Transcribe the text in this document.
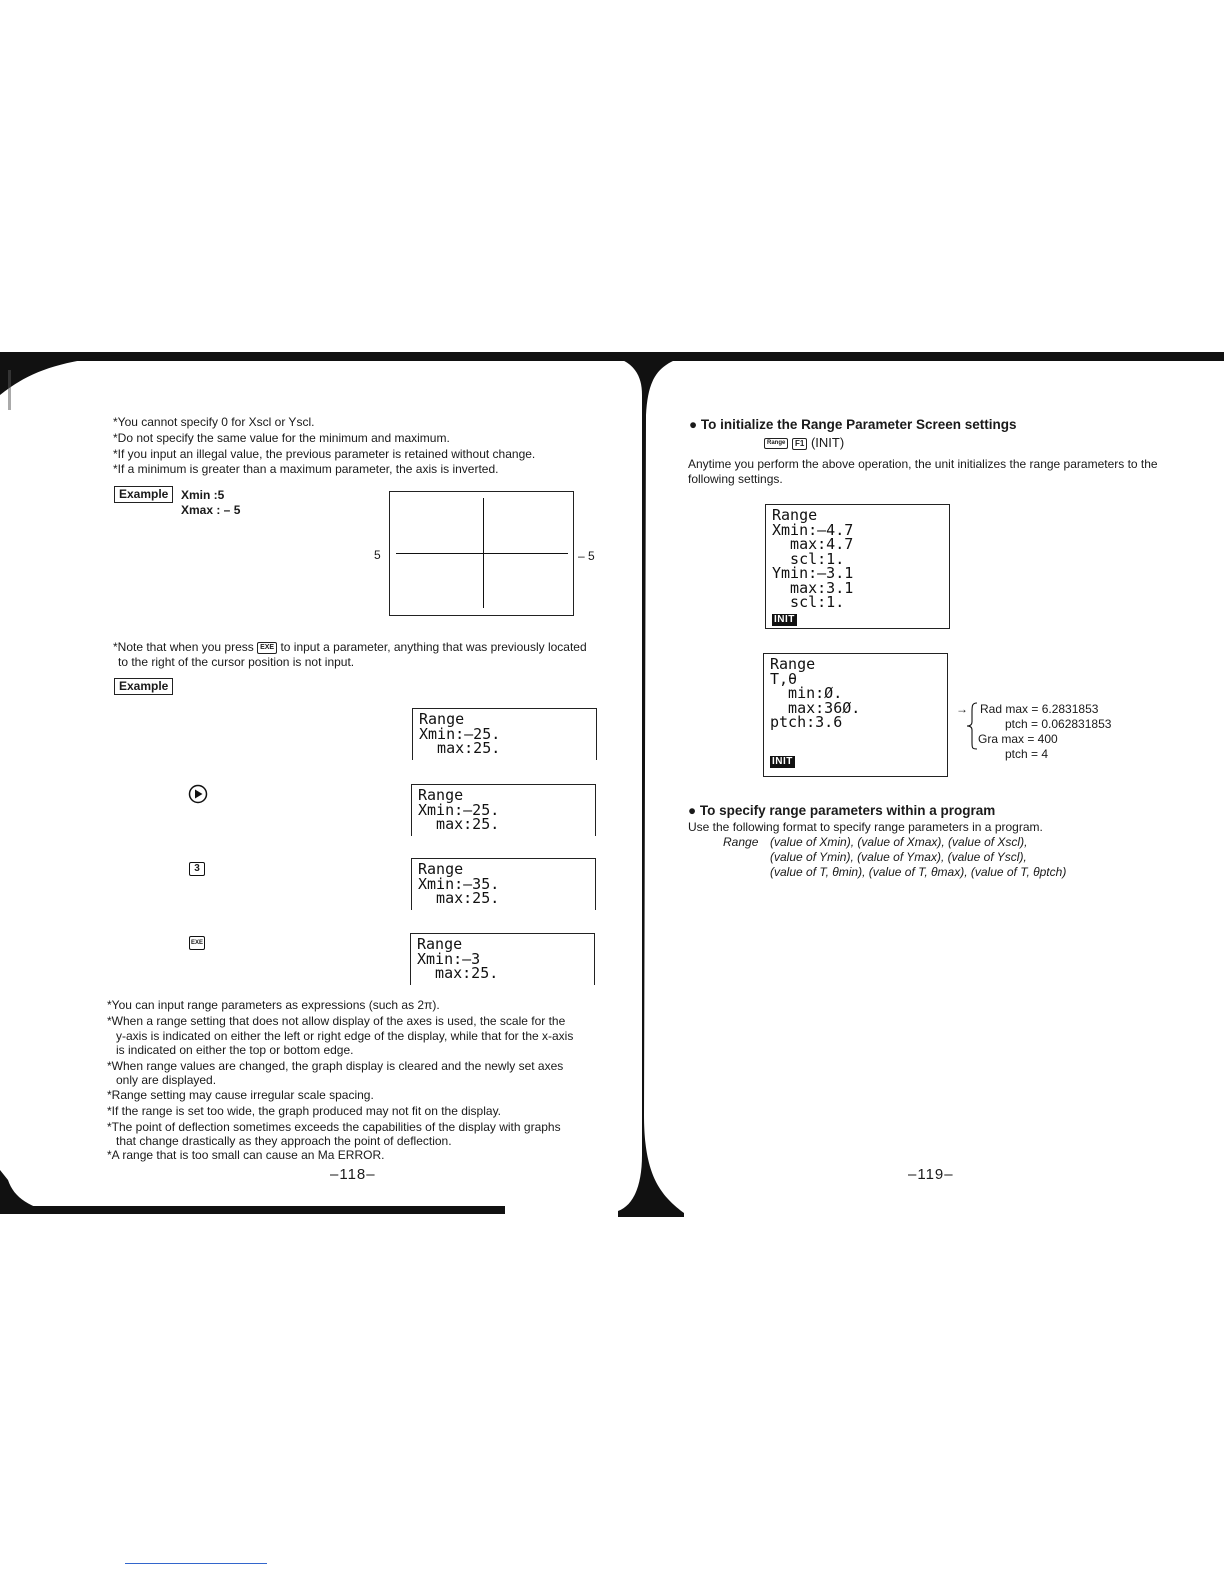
*You cannot specify 0 for Xscl or Yscl.
*Do not specify the same value for the minimum and maximum.
*If you input an illegal value, the previous parameter is retained without change.
*If a minimum is greater than a maximum parameter, the axis is inverted.
Example	Xmin :5
Xmax : – 5
5	– 5
*Note that when you press EXE to input a parameter, anything that was previously located
to the right of the cursor position is not input.
Example
Range
Xmin:–25.
max:25.
Range
Xmin:–25.
max:25.
3	Range
Xmin:–35.
max:25.
EXE	Range
Xmin:–3
max:25.
*You can input range parameters as expressions (such as 2π).
*When a range setting that does not allow display of the axes is used, the scale for the
y-axis is indicated on either the left or right edge of the display, while that for the x-axis
is indicated on either the top or bottom edge.
*When range values are changed, the graph display is cleared and the newly set axes
only are displayed.
*Range setting may cause irregular scale spacing.
*If the range is set too wide, the graph produced may not fit on the display.
*The point of deflection sometimes exceeds the capabilities of the display with graphs
that change drastically as they approach the point of deflection.
*A range that is too small can cause an Ma ERROR.
–118–
● To initialize the Range Parameter Screen settings
Range F1 (INIT)
Anytime you perform the above operation, the unit initializes the range parameters to the
following settings.
Range
Xmin:–4.7
max:4.7
scl:1.
Ymin:–3.1
max:3.1
scl:1.
INIT
Range
T,θ
min:Ø.
max:36Ø.
ptch:3.6
INIT
→ Rad max = 6.2831853
ptch = 0.062831853
Gra max = 400
ptch = 4
● To specify range parameters within a program
Use the following format to specify range parameters in a program.
Range (value of Xmin), (value of Xmax), (value of Xscl),
(value of Ymin), (value of Ymax), (value of Yscl),
(value of T, θmin), (value of T, θmax), (value of T, θptch)
–119–
